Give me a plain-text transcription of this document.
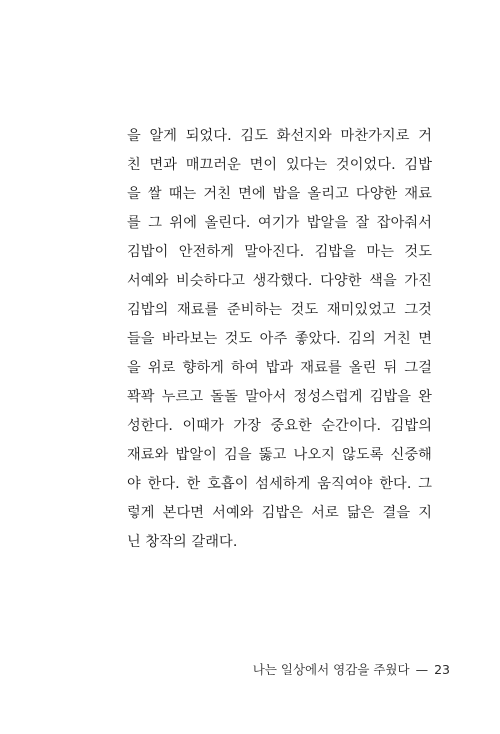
을 알게 되었다. 김도 화선지와 마찬가지로 거
친 면과 매끄러운 면이 있다는 것이었다. 김밥
을 쌀 때는 거친 면에 밥을 올리고 다양한 재료
를 그 위에 올린다. 여기가 밥알을 잘 잡아줘서
김밥이 안전하게 말아진다. 김밥을 마는 것도
서예와 비슷하다고 생각했다. 다양한 색을 가진
김밥의 재료를 준비하는 것도 재미있었고 그것
들을 바라보는 것도 아주 좋았다. 김의 거친 면
을 위로 향하게 하여 밥과 재료를 올린 뒤 그걸
꽉꽉 누르고 돌돌 말아서 정성스럽게 김밥을 완
성한다. 이때가 가장 중요한 순간이다. 김밥의
재료와 밥알이 김을 뚫고 나오지 않도록 신중해
야 한다. 한 호흡이 섬세하게 움직여야 한다. 그
렇게 본다면 서예와 김밥은 서로 닮은 결을 지
닌 창작의 갈래다.
나는 일상에서 영감을 주웠다 — 23
